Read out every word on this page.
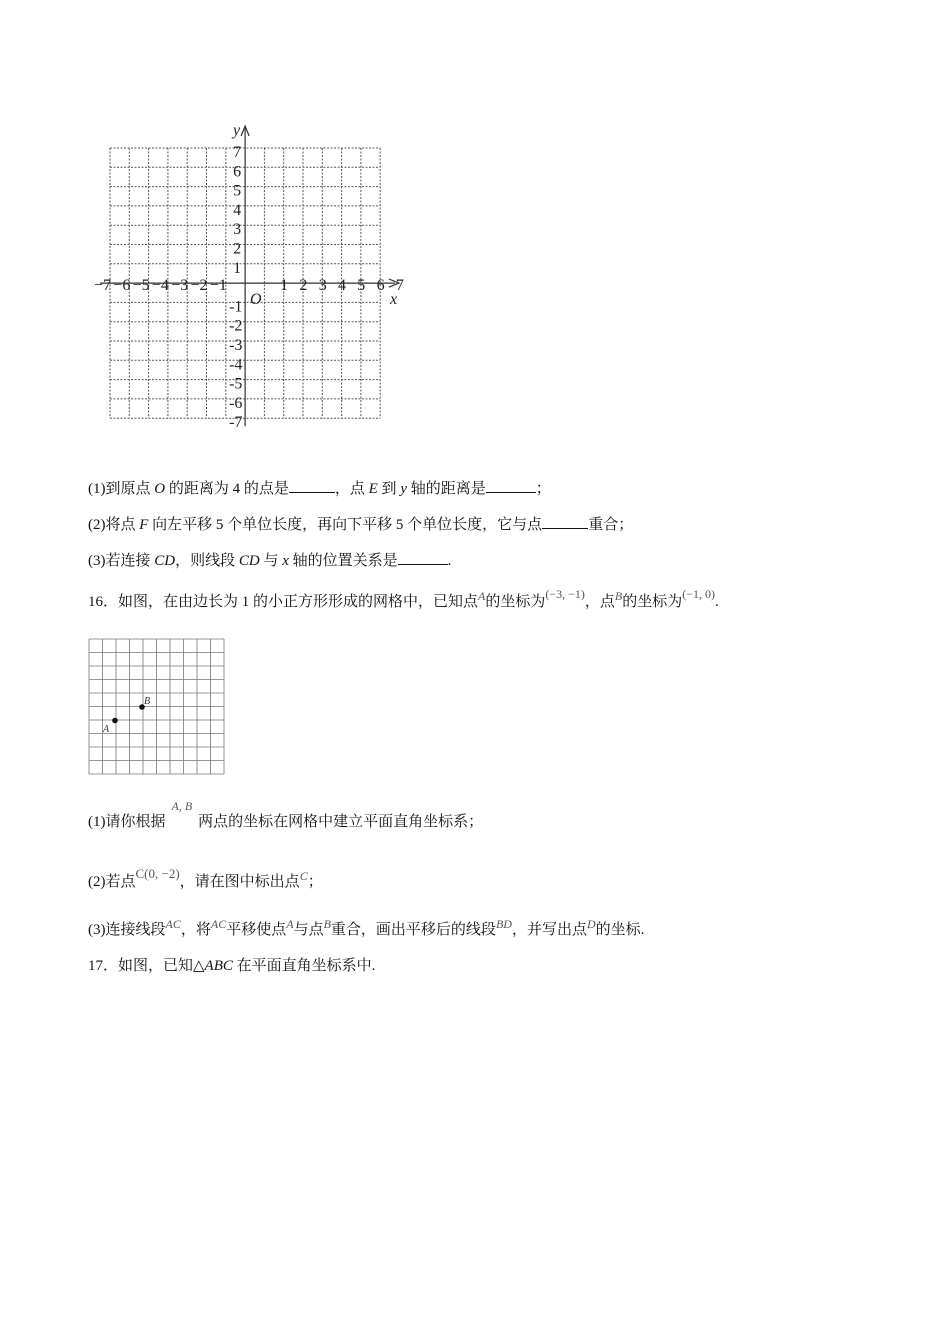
y
x
O
7
6
5
4
3
2
1
-1
-2
-3
-4
-5
-6
-7
−7 −6 −5 −4 −3 −2 −1	1 2 3 4 5 6 7
(1)到原点 O 的距离为 4 的点是	，点 E 到 y 轴的距离是	；
(2)将点 F 向左平移 5 个单位长度，再向下平移 5 个单位长度，它与点	重合；
(3)若连接 CD，则线段 CD 与 x 轴的位置关系是	.
16．如图，在由边长为 1 的小正方形形成的网格中，已知点$^A$的坐标为$^{(-3, -1)}$，点$^B$的坐标为$^{(-1, 0)}$.
A
B
(1)请你根据$^{A, B}$两点的坐标在网格中建立平面直角坐标系；
(2)若点C(0, −2)，请在图中标出点$^C$；
(3)连接线段$^{AC}$，将$^{AC}$平移使点$^A$与点$^B$重合，画出平移后的线段$^{BD}$，并写出点$^D$的坐标.
17．如图，已知△ABC 在平面直角坐标系中.
